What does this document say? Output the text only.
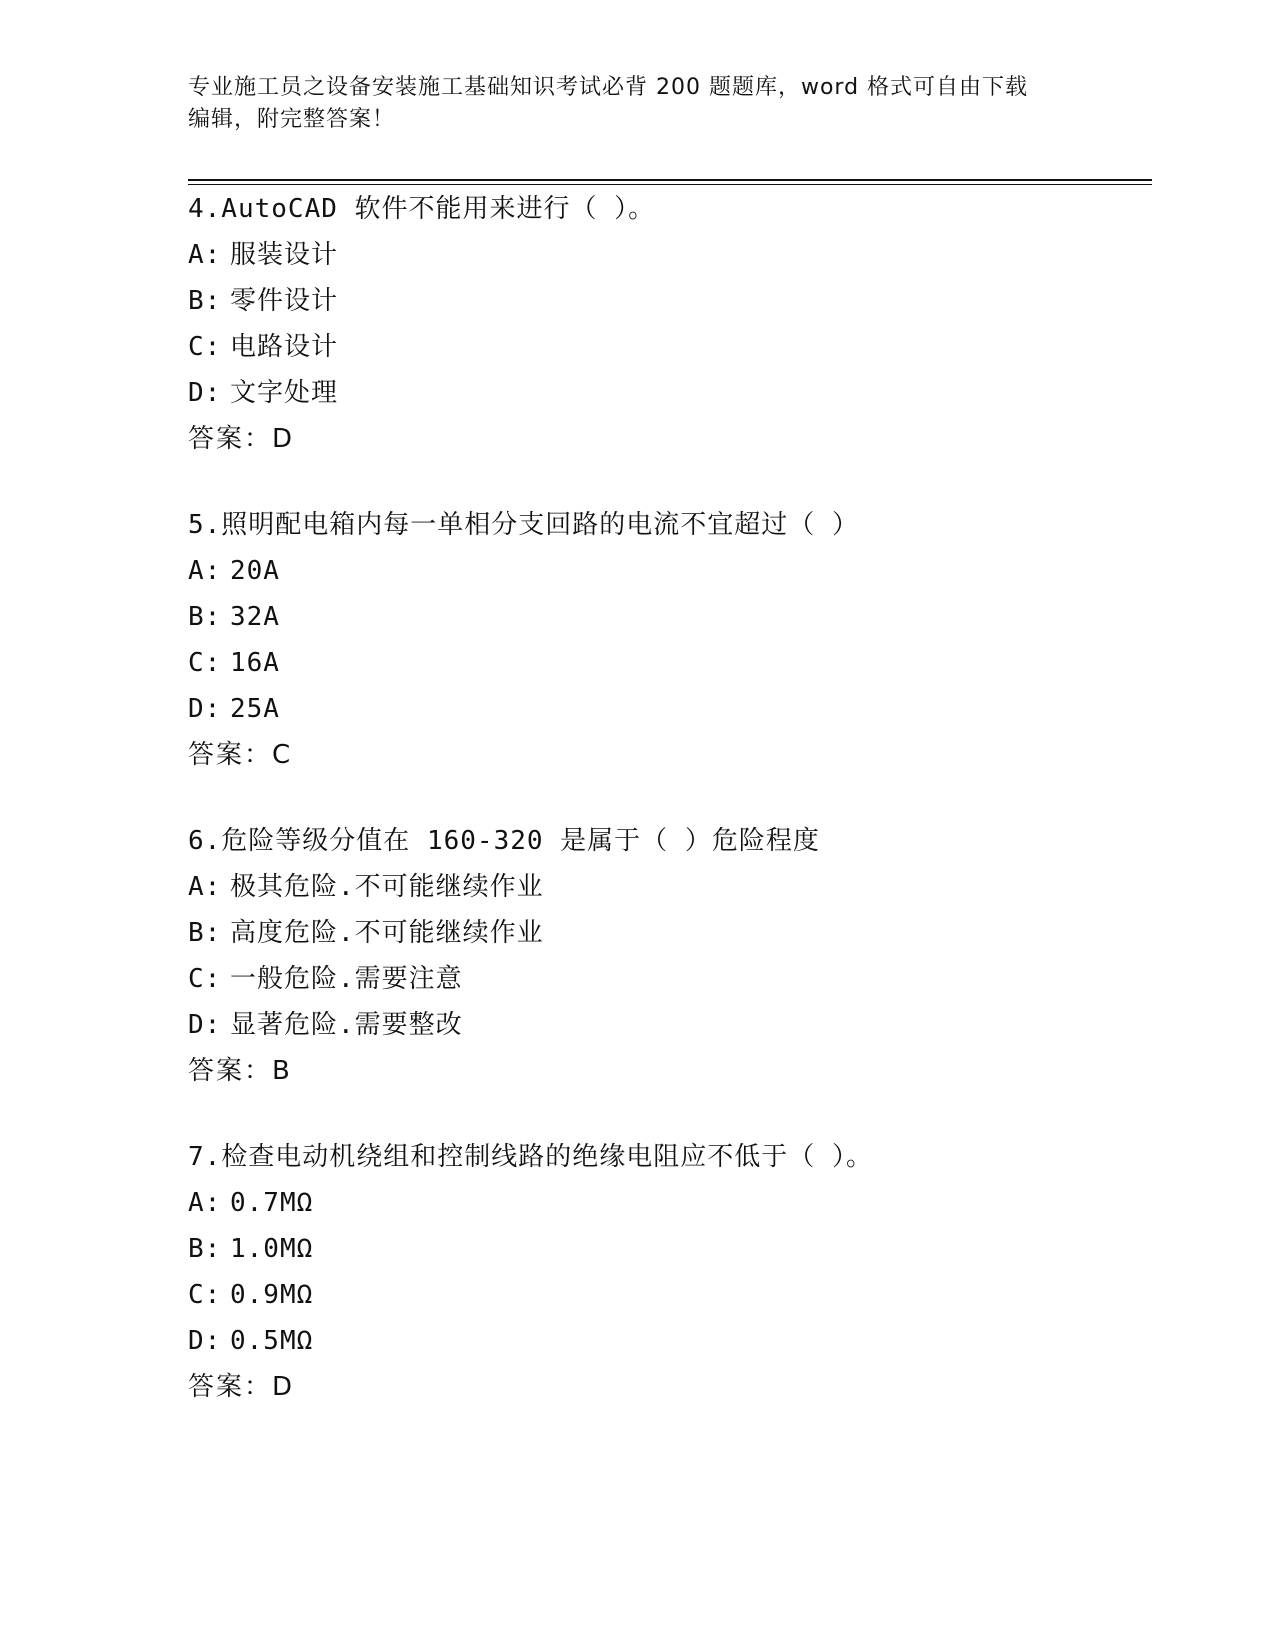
专业施工员之设备安装施工基础知识考试必背 200 题题库，word 格式可自由下载
编辑，附完整答案！
4.AutoCAD 软件不能用来进行（ ）。
A: 服装设计
B: 零件设计
C: 电路设计
D: 文字处理
答案：D
5.照明配电箱内每一单相分支回路的电流不宜超过（ ）
A: 20A
B: 32A
C: 16A
D: 25A
答案：C
6.危险等级分值在 160-320 是属于（ ）危险程度
A: 极其危险.不可能继续作业
B: 高度危险.不可能继续作业
C: 一般危险.需要注意
D: 显著危险.需要整改
答案：B
7.检查电动机绕组和控制线路的绝缘电阻应不低于（ ）。
A: 0.7MΩ
B: 1.0MΩ
C: 0.9MΩ
D: 0.5MΩ
答案：D
